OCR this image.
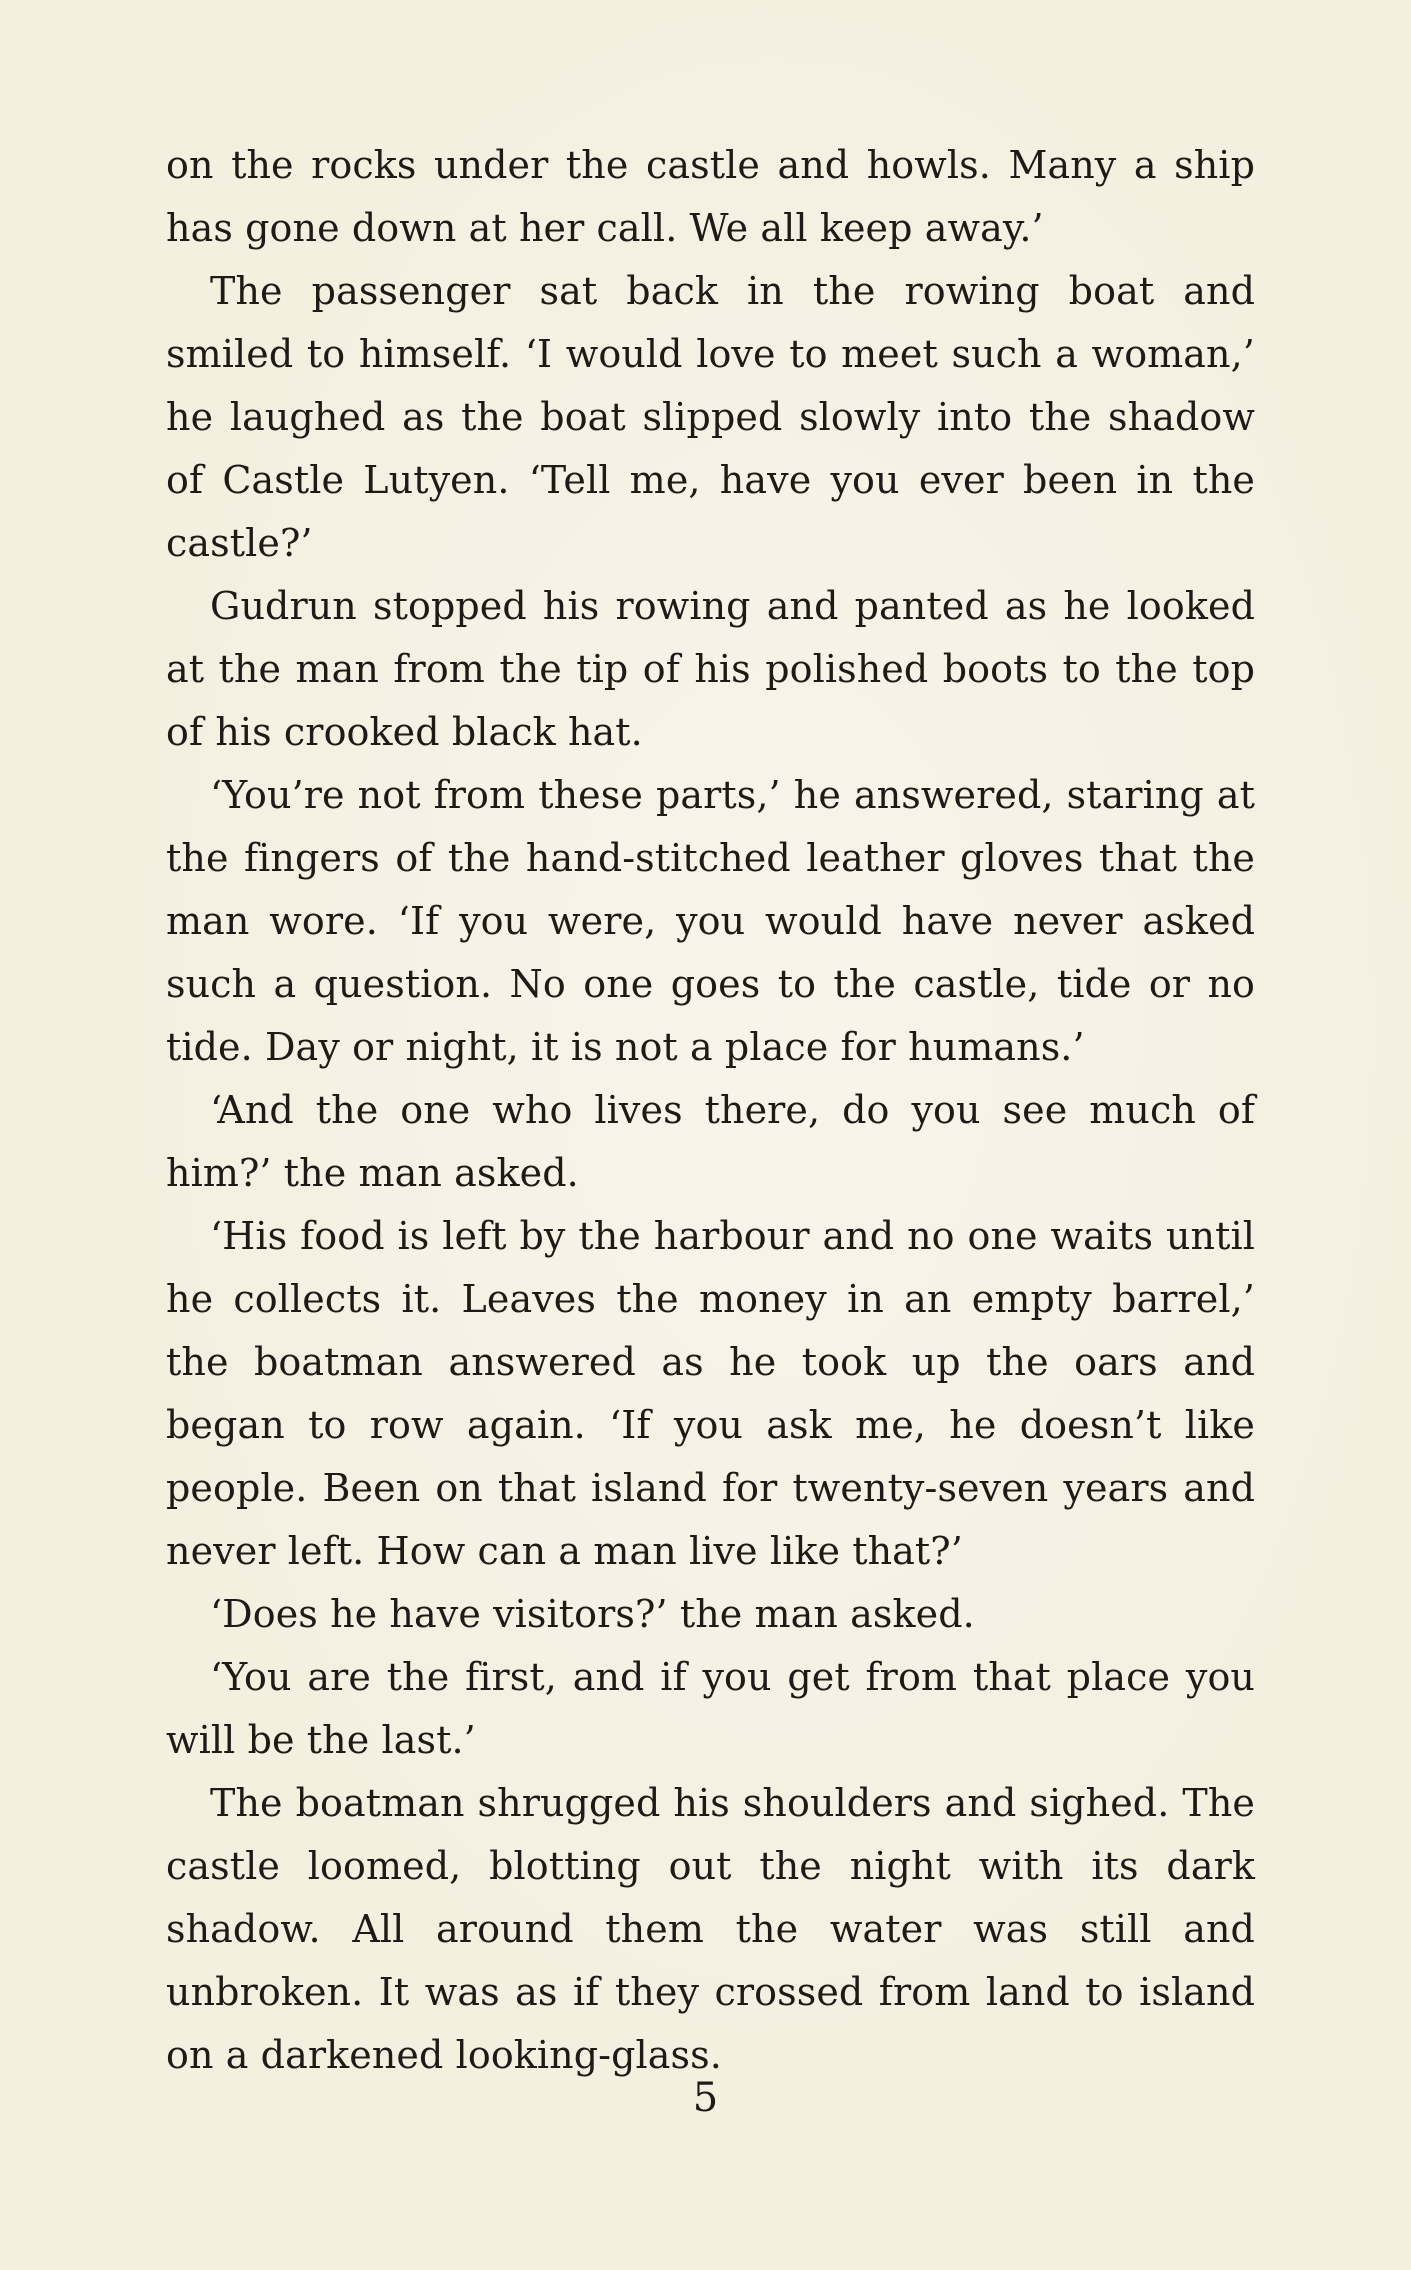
on the rocks under the castle and howls. Many a ship has gone down at her call. We all keep away.’

The passenger sat back in the rowing boat and smiled to himself. ‘I would love to meet such a woman,’ he laughed as the boat slipped slowly into the shadow of Castle Lutyen. ‘Tell me, have you ever been in the castle?’

Gudrun stopped his rowing and panted as he looked at the man from the tip of his polished boots to the top of his crooked black hat.

‘You’re not from these parts,’ he answered, staring at the fingers of the hand-stitched leather gloves that the man wore. ‘If you were, you would have never asked such a question. No one goes to the castle, tide or no tide. Day or night, it is not a place for humans.’

‘And the one who lives there, do you see much of him?’ the man asked.

‘His food is left by the harbour and no one waits until he collects it. Leaves the money in an empty barrel,’ the boatman answered as he took up the oars and began to row again. ‘If you ask me, he doesn’t like people. Been on that island for twenty-seven years and never left. How can a man live like that?’

‘Does he have visitors?’ the man asked.

‘You are the first, and if you get from that place you will be the last.’

The boatman shrugged his shoulders and sighed. The castle loomed, blotting out the night with its dark shadow. All around them the water was still and unbroken. It was as if they crossed from land to island on a darkened looking-glass.

5
